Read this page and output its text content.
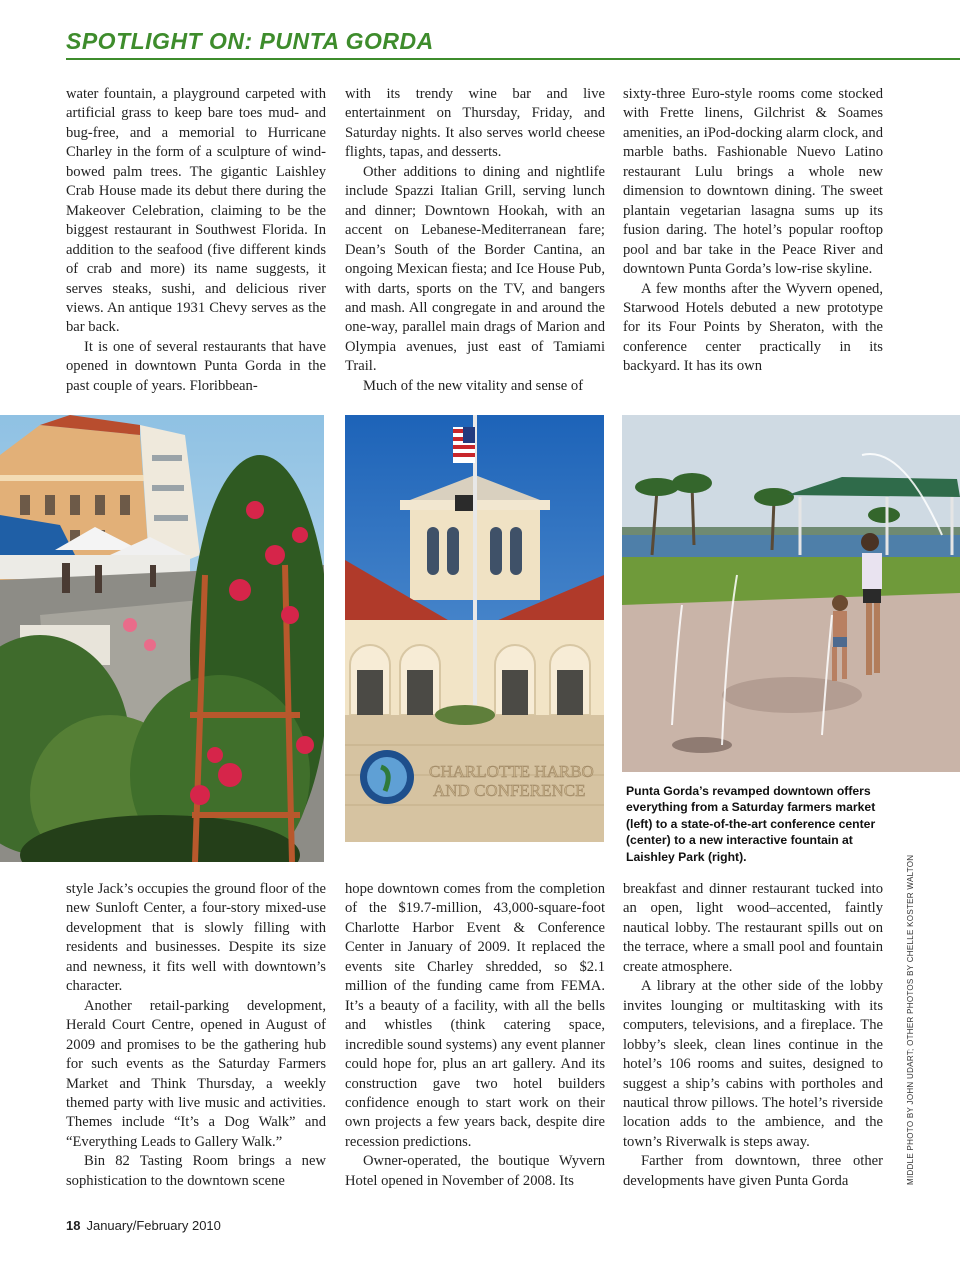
SPOTLIGHT ON: PUNTA GORDA

water fountain, a playground carpeted with artificial grass to keep bare toes mud- and bug-free, and a memorial to Hurricane Charley in the form of a sculpture of wind-bowed palm trees. The gigantic Laishley Crab House made its debut there during the Makeover Celebration, claiming to be the biggest restaurant in Southwest Florida. In addition to the seafood (five different kinds of crab and more) its name suggests, it serves steaks, sushi, and delicious river views. An antique 1931 Chevy serves as the bar back.

It is one of several restaurants that have opened in downtown Punta Gorda in the past couple of years. Floribbean-

with its trendy wine bar and live entertainment on Thursday, Friday, and Saturday nights. It also serves world cheese flights, tapas, and desserts.

Other additions to dining and nightlife include Spazzi Italian Grill, serving lunch and dinner; Downtown Hookah, with an accent on Lebanese-Mediterranean fare; Dean’s South of the Border Cantina, an ongoing Mexican fiesta; and Ice House Pub, with darts, sports on the TV, and bangers and mash. All congregate in and around the one-way, parallel main drags of Marion and Olympia avenues, just east of Tamiami Trail.

Much of the new vitality and sense of

sixty-three Euro-style rooms come stocked with Frette linens, Gilchrist & Soames amenities, an iPod-docking alarm clock, and marble baths. Fashionable Nuevo Latino restaurant Lulu brings a whole new dimension to downtown dining. The sweet plantain vegetarian lasagna sums up its fusion daring. The hotel’s popular rooftop pool and bar take in the Peace River and downtown Punta Gorda’s low-rise skyline.

A few months after the Wyvern opened, Starwood Hotels debuted a new prototype for its Four Points by Sheraton, with the conference center practically in its backyard. It has its own

CHARLOTTE HARBO
AND CONFERENCE	Punta Gorda’s revamped downtown offers everything from a Saturday farmers market (left) to a state-of-the-art conference center (center) to a new interactive fountain at Laishley Park (right).	MIDDLE PHOTO BY JOHN UDART; OTHER PHOTOS BY CHELLE KOSTER WALTON

style Jack’s occupies the ground floor of the new Sunloft Center, a four-story mixed-use development that is slowly filling with residents and businesses. Despite its size and newness, it fits well with downtown’s character.

Another retail-parking development, Herald Court Centre, opened in August of 2009 and promises to be the gathering hub for such events as the Saturday Farmers Market and Think Thursday, a weekly themed party with live music and activities. Themes include “It’s a Dog Walk” and “Everything Leads to Gallery Walk.”

Bin 82 Tasting Room brings a new sophistication to the downtown scene

hope downtown comes from the completion of the $19.7-million, 43,000-square-foot Charlotte Harbor Event & Conference Center in January of 2009. It replaced the events site Charley shredded, so $2.1 million of the funding came from FEMA. It’s a beauty of a facility, with all the bells and whistles (think catering space, incredible sound systems) any event planner could hope for, plus an art gallery. And its construction gave two hotel builders confidence enough to start work on their own projects a few years back, despite dire recession predictions.

Owner-operated, the boutique Wyvern Hotel opened in November of 2008. Its

breakfast and dinner restaurant tucked into an open, light wood–accented, faintly nautical lobby. The restaurant spills out on the terrace, where a small pool and fountain create atmosphere.

A library at the other side of the lobby invites lounging or multitasking with its computers, televisions, and a fireplace. The lobby’s sleek, clean lines continue in the hotel’s 106 rooms and suites, designed to suggest a ship’s cabins with portholes and nautical throw pillows. The hotel’s riverside location adds to the ambience, and the town’s Riverwalk is steps away.

Farther from downtown, three other developments have given Punta Gorda

18 January/February 2010
